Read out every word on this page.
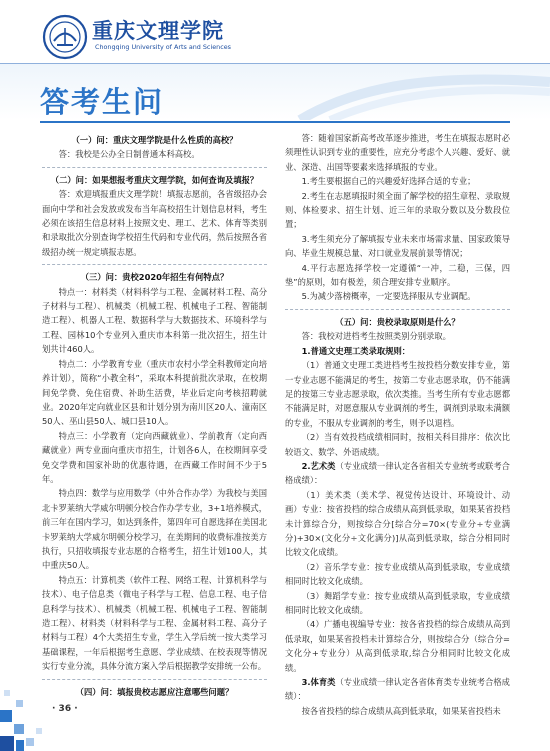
重庆文理学院
Chongqing University of Arts and Sciences
答考生问

（一）问：重庆文理学院是什么性质的高校？

答：我校是公办全日制普通本科高校。

（二）问：如果想报考重庆文理学院，如何查询及填报？

答：欢迎填报重庆文理学院！填报志愿前，各省级招办会面向中学和社会发放或发布当年高校招生计划信息材料，考生必须在该招生信息材料上按照文史、理工、艺术、体育等类别和录取批次分别查询学校招生代码和专业代码，然后按照各省级招办统一规定填报志愿。

（三）问：贵校2020年招生有何特点？

特点一：材料类（材料科学与工程、金属材料工程、高分子材料与工程）、机械类（机械工程、机械电子工程、智能制造工程）、机器人工程、数据科学与大数据技术、环境科学与工程、园林10个专业列入重庆市本科第一批次招生，招生计划共计460人。

特点二：小学教育专业（重庆市农村小学全科教师定向培养计划），简称“小教全科”，采取本科提前批次录取，在校期间免学费、免住宿费、补助生活费，毕业后定向考核招聘就业。2020年定向就业区县和计划分别为南川区20人、潼南区50人、巫山县50人、城口县10人。

特点三：小学教育（定向西藏就业）、学前教育（定向西藏就业）两专业面向重庆市招生，计划各6人，在校期间享受免交学费和国家补助的优惠待遇，在西藏工作时间不少于5年。

特点四：数学与应用数学（中外合作办学）为我校与美国北卡罗莱纳大学威尔明顿分校合作办学专业，3+1培养模式，前三年在国内学习，如达到条件，第四年可自愿选择在美国北卡罗莱纳大学威尔明顿分校学习，在美期间的收费标准按美方执行，只招收填报专业志愿的合格考生，招生计划100人，其中重庆50人。

特点五：计算机类（软件工程、网络工程、计算机科学与技术）、电子信息类（微电子科学与工程、信息工程、电子信息科学与技术）、机械类（机械工程、机械电子工程、智能制造工程）、材料类（材料科学与工程、金属材料工程、高分子材料与工程）4个大类招生专业，学生入学后统一按大类学习基础课程，一年后根据考生意愿、学业成绩、在校表现等情况实行专业分流，具体分流方案入学后根据教学安排统一公布。

（四）问：填报贵校志愿应注意哪些问题？

答：随着国家新高考改革逐步推进，考生在填报志愿时必须理性认识到专业的重要性，应充分考虑个人兴趣、爱好、就业、深造、出国等要素来选择填报的专业。

1.考生要根据自己的兴趣爱好选择合适的专业；

2.考生在志愿填报时须全面了解学校的招生章程、录取规则、体检要求、招生计划、近三年的录取分数以及分数段位置；

3.考生须充分了解填报专业未来市场需求量、国家政策导向、毕业生规模总量、对口就业发展前景等情况；

4.平行志愿选择学校一定遵循“一冲，二稳，三保，四垫”的原则，如有极差，须合理安排专业顺序。

5.为减少落榜概率，一定要选择服从专业调配。

（五）问：贵校录取原则是什么？

答：我校对进档考生按照类别分别录取。

1.普通文史理工类录取规则：

（1）普通文史理工类进档考生按投档分数安排专业，第一专业志愿不能满足的考生，按第二专业志愿录取，仍不能满足的按第三专业志愿录取，依次类推。当考生所有专业志愿都不能满足时，对愿意服从专业调剂的考生，调剂到录取未满额的专业，不服从专业调剂的考生，则予以退档。

（2）当有效投档成绩相同时，按相关科目排序：依次比较语文、数学、外语成绩。

2.艺术类（专业成绩一律认定各省相关专业统考或联考合格成绩）：

（1）美术类（美术学、视觉传达设计、环境设计、动画）专业：按省投档的综合成绩从高到低录取，如果某省投档未计算综合分，则按综合分[综合分=70×(专业分÷专业满分)+30×(文化分÷文化满分)]从高到低录取，综合分相同时比较文化成绩。

（2）音乐学专业：按专业成绩从高到低录取，专业成绩相同时比较文化成绩。

（3）舞蹈学专业：按专业成绩从高到低录取，专业成绩相同时比较文化成绩。

（4）广播电视编导专业：按各省投档的综合成绩从高到低录取，如果某省投档未计算综合分，则按综合分（综合分=文化分+专业分）从高到低录取,综合分相同时比较文化成绩。

3.体育类（专业成绩一律认定各省体育类专业统考合格成绩）：

按各省投档的综合成绩从高到低录取，如果某省投档未

· 36 ·
